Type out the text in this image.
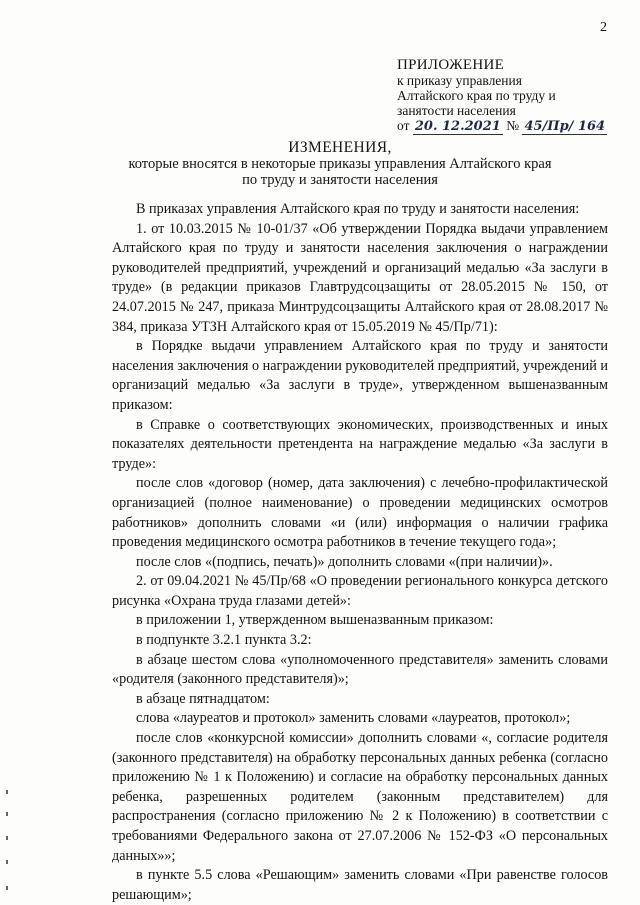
2
ПРИЛОЖЕНИЕ
к приказу управления
Алтайского края по труду и
занятости населения
от 20. 12.2021 № 45/Пр/ 164
ИЗМЕНЕНИЯ,
которые вносятся в некоторые приказы управления Алтайского края
по труду и занятости населения

В приказах управления Алтайского края по труду и занятости населения:

1. от 10.03.2015 № 10-01/37 «Об утверждении Порядка выдачи управлением Алтайского края по труду и занятости населения заключения о награждении руководителей предприятий, учреждений и организаций медалью «За заслуги в труде» (в редакции приказов Главтрудсоцзащиты от 28.05.2015 № 150, от 24.07.2015 № 247, приказа Минтрудсоцзащиты Алтайского края от 28.08.2017 № 384, приказа УТЗН Алтайского края от 15.05.2019 № 45/Пр/71):

в Порядке выдачи управлением Алтайского края по труду и занятости населения заключения о награждении руководителей предприятий, учреждений и организаций медалью «За заслуги в труде», утвержденном вышеназванным приказом:

в Справке о соответствующих экономических, производственных и иных показателях деятельности претендента на награждение медалью «За заслуги в труде»:

после слов «договор (номер, дата заключения) с лечебно-профилактической организацией (полное наименование) о проведении медицинских осмотров работников» дополнить словами «и (или) информация о наличии графика проведения медицинского осмотра работников в течение текущего года»;

после слов «(подпись, печать)» дополнить словами «(при наличии)».

2. от 09.04.2021 № 45/Пр/68 «О проведении регионального конкурса детского рисунка «Охрана труда глазами детей»:

в приложении 1, утвержденном вышеназванным приказом:

в подпункте 3.2.1 пункта 3.2:

в абзаце шестом слова «уполномоченного представителя» заменить словами «родителя (законного представителя)»;

в абзаце пятнадцатом:

слова «лауреатов и протокол» заменить словами «лауреатов, протокол»;

после слов «конкурсной комиссии» дополнить словами «, согласие родителя (законного представителя) на обработку персональных данных ребенка (согласно приложению № 1 к Положению) и согласие на обработку персональных данных ребенка, разрешенных родителем (законным представителем) для распространения (согласно приложению № 2 к Положению) в соответствии с требованиями Федерального закона от 27.07.2006 № 152-ФЗ «О персональных данных»»;

в пункте 5.5 слова «Решающим» заменить словами «При равенстве голосов решающим»;
